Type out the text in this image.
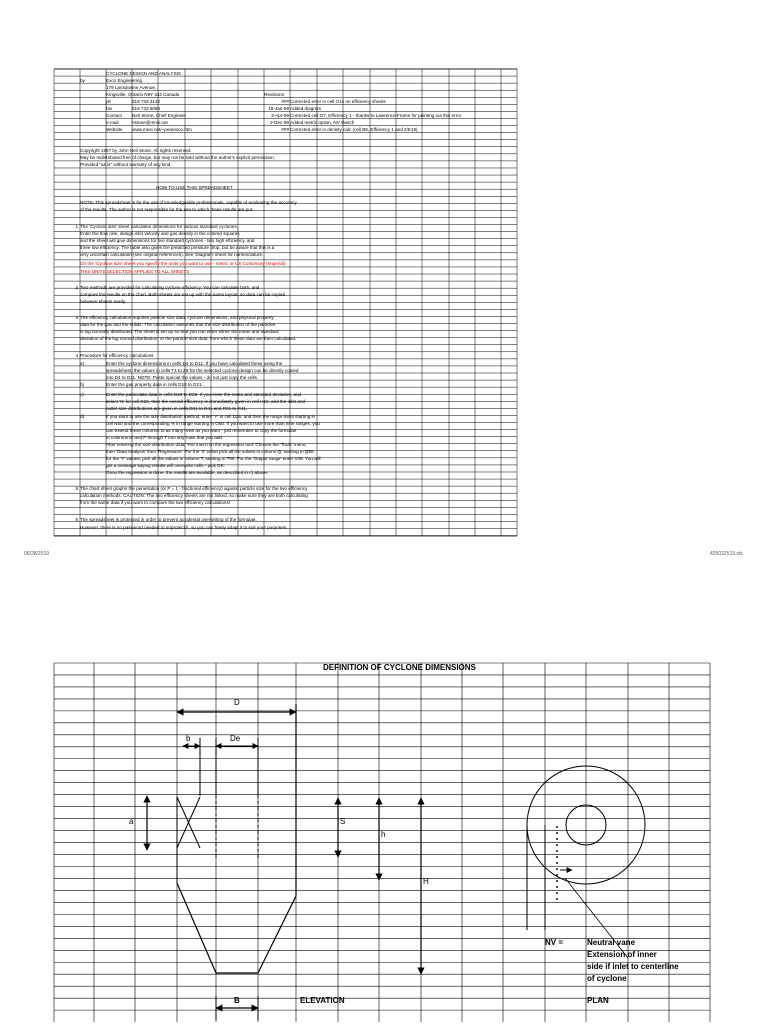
CYCLONE DESIGN AND ANALYSIS
by	Exco Engineering
179 Lansdowne Avenue,
Kingsville, Ontario N9Y 3J2 Canada
ph	519 733 3122
fax	519 733 6094
Contact Neil Stone, Chief Engineer
e-mail	nstone@mnsi.net
Website www.mnsi.net/~pea/exco.htm
Revisions
### Corrected error in cell O14 on efficiency sheets
18-Jan-99 Added diagram
3-Apr-99 Corrected cell O7, Efficiency 1 - thanks to Lawrence Frame for pointing out this error
2-Dec-99 Added metric option, NV sketch
### Corrected error in density calc (cell B9, Efficiency 1 and 2/E19)
Copyright 1997 by John Neil Stone. All rights reserved.
May be redistributed free of charge, but may not be sold without the author's explicit permission.
Provided "as is" without warranty of any kind.
HOW TO USE THIS SPREADSHEET
NOTE: This spreadsheet is for the use of knowledgeable professionals, capable of evaluating the accuracy
of the results. The author is not responsible for the use to which these results are put.
1 The 'Cyclone size' sheet calculates dimensions for various standard cyclones.
Enter the flow rate, design inlet velocity and gas density in the colored squares
and the sheet will give dimensions for five standard cyclones - two high efficiency, and
three low efficiency. The table also gives the predicted pressure drop, but be aware that this is a
very uncertain calculation (see original references). See 'Diagram' sheet for nomenclature.
On the 'Cyclone size' sheet you specify the units you want to use - metric or US Customary (Imperial)
THIS UNITS SELECTION APPLIES TO ALL SHEETS
2 Two methods are provided for calculating cyclone efficiency. You can calculate both, and
compare the results on the chart. Both sheets are set up with the same layout, so data can be copied
between sheets easily.
3 The efficiency calculation requires particle size data, cyclone dimensions, and physical property
data for the gas and the solids. The calculation assumes that the size distribution of the particles
is log normally distributed. The sheet is set up so that you can enter either the mean and standard
deviation of the log normal distribution, or the particle size data, from which these data are then calculated.
4 Procedure for efficiency calculations
a)	Enter the cyclone dimensions in cells D4 to D11. If you have calculated these using the
spreadsheet, the values in cells T4 to Z9 for the selected cyclone design can be directly copied
into D4 to D11. NOTE: Paste special the values - do not just copy the cells.
b)	Enter the gas property data in cells D18 to D21.
c)	Enter the particulate data in cells D28 to D29. If you enter the mean and standard deviation, and
select 'N' for cell D26, then the overall efficiency is immediately given in cell H15, and the inlet and
outlet size distributions are given in cells D31 to D41 and R31 to R41.
d)	If you want to use the size distribution method, enter 'Y' in cell D26, and then the range limits starting in
cell N50 and the corresponding % in range starting in O50. If you want to use more than nine ranges, you
can extend these columns to as many rows as you want - just remember to copy the formulae
in columns M and P through T into any rows that you add.
After entering the size distribution data, You must run the regression tool. Choose the 'Tools' menu,
then 'Data Analysis' then 'Regression'. For the 'X' value pick all the values in column Q, starting in Q50.
for the 'Y' values, pick all the values in column T, starting in T50. For the 'Output range' enter V48. You will
get a message saying results will overwrite cells - pick OK.
Once the regression is done, the results are available, as described in c) above.
5 The chart sheet graphs the penetration (or P = 1 - fractional efficiency) against particle size for the two efficiency
calculation methods. CAUTION: The two efficiency sheets are not linked, so make sure they are both calculating
from the same data if you want to compare the two efficiency calculations!
6 The spreadsheet is protected in order to prevent accidental overwriting of the formulae.
However, there is no password needed to unprotect it, so you can freely adapt it to suit your purposes.
06/28/2019	425032519.xls
DEFINITION OF CYCLONE DIMENSIONS
D
b	De
a	S
h
H
B	ELEVATION	PLAN
NV =	Neutral vane
Extension of inner
side if inlet to centerline
of cyclone
